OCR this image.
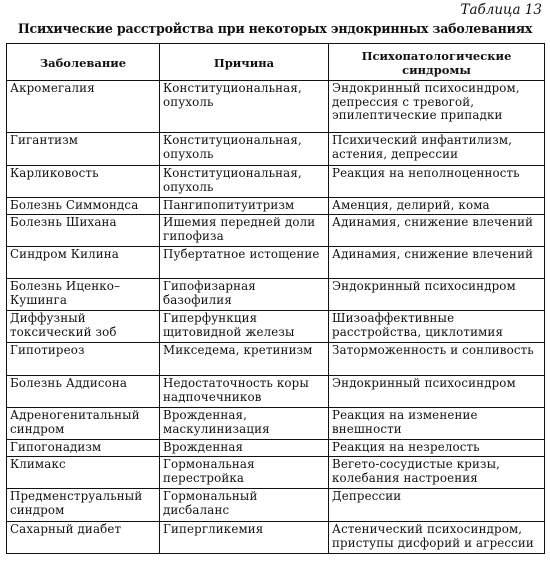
Таблица 13
Психические расстройства при некоторых эндокринных заболеваниях
Заболевание	Причина	Психопатологические синдромы
Акромегалия	Конституциональная, опухоль	Эндокринный психосиндром, депрессия с тревогой, эпилептические припадки
Гигантизм	Конституциональная, опухоль	Психический инфантилизм, астения, депрессии
Карликовость	Конституциональная, опухоль	Реакция на неполноценность
Болезнь Симмондса	Пангипопитуитризм	Аменция, делирий, кома
Болезнь Шихана	Ишемия передней доли гипофиза	Адинамия, снижение влечений
Синдром Килина	Пубертатное истощение	Адинамия, снижение влечений
Болезнь Иценко–Кушинга	Гипофизарная базофилия	Эндокринный психосиндром
Диффузный токсический зоб	Гиперфункция щитовидной железы	Шизоаффективные расстройства, циклотимия
Гипотиреоз	Микседема, кретинизм	Заторможенность и сонливость
Болезнь Аддисона	Недостаточность коры надпочечников	Эндокринный психосиндром
Адреногенитальный синдром	Врожденная, маскулинизация	Реакция на изменение внешности
Гипогонадизм	Врожденная	Реакция на незрелость
Климакс	Гормональная перестройка	Вегето-сосудистые кризы, колебания настроения
Предменструальный синдром	Гормональный дисбаланс	Депрессии
Сахарный диабет	Гипергликемия	Астенический психосиндром, приступы дисфорий и агрессии
